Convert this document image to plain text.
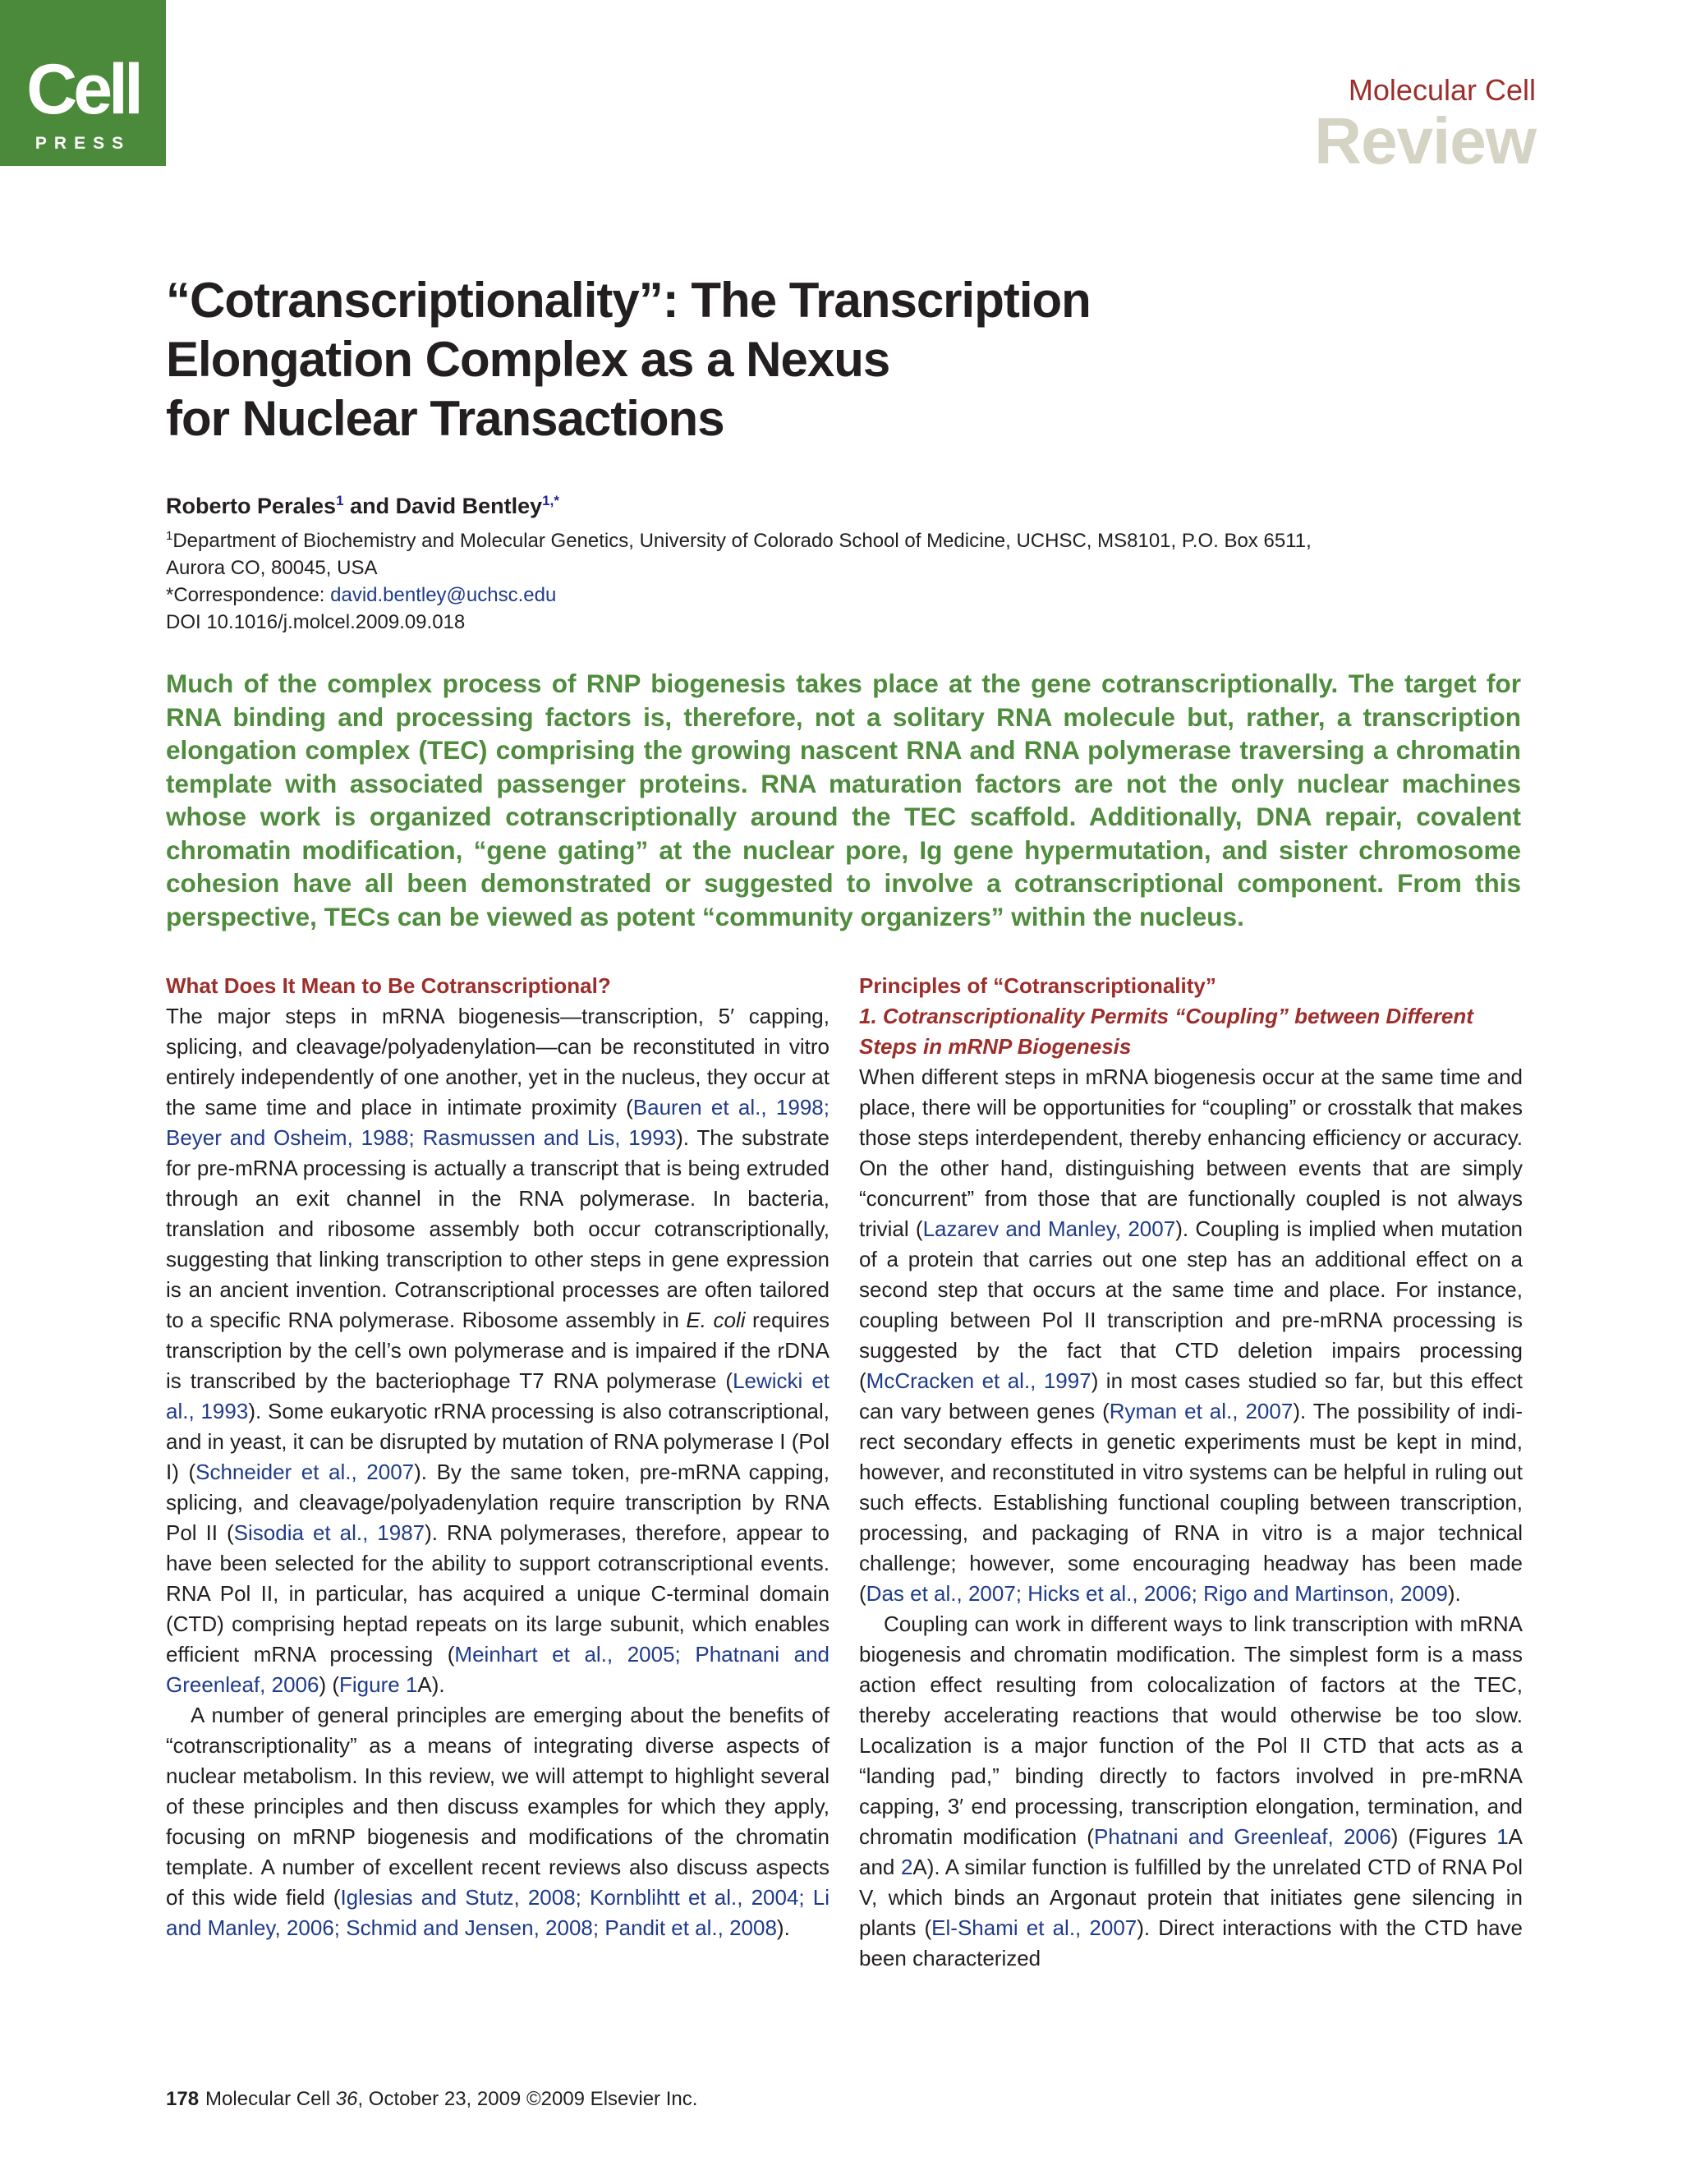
Cell
PRESS
Molecular Cell
Review
“Cotranscriptionality”: The Transcription
Elongation Complex as a Nexus
for Nuclear Transactions
Roberto Perales$^1$ and David Bentley$^{1,*}$
$^1$Department of Biochemistry and Molecular Genetics, University of Colorado School of Medicine, UCHSC, MS8101, P.O. Box 6511,
Aurora CO, 80045, USA
*Correspondence: david.bentley@uchsc.edu
DOI 10.1016/j.molcel.2009.09.018
Much of the complex process of RNP biogenesis takes place at the gene cotranscriptionally. The target for RNA binding and processing factors is, therefore, not a solitary RNA molecule but, rather, a transcription elongation complex (TEC) comprising the growing nascent RNA and RNA polymerase traversing a chromatin template with associated passenger proteins. RNA maturation factors are not the only nuclear machines whose work is organized cotranscriptionally around the TEC scaffold. Additionally, DNA repair, covalent chromatin modification, “gene gating” at the nuclear pore, Ig gene hypermutation, and sister chromosome cohesion have all been demonstrated or suggested to involve a cotranscriptional component. From this perspective, TECs can be viewed as potent “community organizers” within the nucleus.
What Does It Mean to Be Cotranscriptional?

The major steps in mRNA biogenesis—transcription, 5′ capping, splicing, and cleavage/polyadenylation—can be reconstituted in vitro entirely independently of one another, yet in the nucleus, they occur at the same time and place in intimate proximity (Bauren et al., 1998; Beyer and Osheim, 1988; Rasmussen and Lis, 1993). The substrate for pre-mRNA processing is actually a transcript that is being extruded through an exit channel in the RNA polymerase. In bacteria, translation and ribosome assembly both occur cotranscriptionally, suggesting that linking transcription to other steps in gene expression is an ancient invention. Cotranscriptional processes are often tailored to a specific RNA polymerase. Ribosome assembly in E. coli requires transcription by the cell’s own polymerase and is impaired if the rDNA is transcribed by the bacteriophage T7 RNA polymerase (Lewicki et al., 1993). Some eukaryotic rRNA processing is also cotranscriptional, and in yeast, it can be disrupted by mutation of RNA polymerase I (Pol I) (Schneider et al., 2007). By the same token, pre-mRNA capping, splicing, and cleavage/polyadenylation require transcription by RNA Pol II (Sisodia et al., 1987). RNA polymerases, therefore, appear to have been selected for the ability to support cotranscriptional events. RNA Pol II, in particular, has acquired a unique C-terminal domain (CTD) comprising heptad repeats on its large subunit, which enables efficient mRNA processing (Meinhart et al., 2005; Phatnani and Greenleaf, 2006) (Figure 1A).

A number of general principles are emerging about the benefits of “cotranscriptionality” as a means of integrating diverse aspects of nuclear metabolism. In this review, we will attempt to highlight several of these principles and then discuss examples for which they apply, focusing on mRNP biogenesis and modifications of the chromatin template. A number of excellent recent reviews also discuss aspects of this wide field (Iglesias and Stutz, 2008; Kornblihtt et al., 2004; Li and Manley, 2006; Schmid and Jensen, 2008; Pandit et al., 2008).

Principles of “Cotranscriptionality”
1. Cotranscriptionality Permits “Coupling” between Different Steps in mRNP Biogenesis

When different steps in mRNA biogenesis occur at the same time and place, there will be opportunities for “coupling” or crosstalk that makes those steps interdependent, thereby enhancing efficiency or accuracy. On the other hand, distinguishing between events that are simply “concurrent” from those that are functionally coupled is not always trivial (Lazarev and Manley, 2007). Coupling is implied when mutation of a protein that carries out one step has an additional effect on a second step that occurs at the same time and place. For instance, coupling between Pol II transcription and pre-mRNA processing is suggested by the fact that CTD deletion impairs processing (McCracken et al., 1997) in most cases studied so far, but this effect can vary between genes (Ryman et al., 2007). The possibility of indirect secondary effects in genetic experiments must be kept in mind, however, and reconstituted in vitro systems can be helpful in ruling out such effects. Establishing functional coupling between transcription, processing, and packaging of RNA in vitro is a major technical challenge; however, some encouraging headway has been made (Das et al., 2007; Hicks et al., 2006; Rigo and Martinson, 2009).

Coupling can work in different ways to link transcription with mRNA biogenesis and chromatin modification. The simplest form is a mass action effect resulting from colocalization of factors at the TEC, thereby accelerating reactions that would otherwise be too slow. Localization is a major function of the Pol II CTD that acts as a “landing pad,” binding directly to factors involved in pre-mRNA capping, 3′ end processing, transcription elongation, termination, and chromatin modification (Phatnani and Greenleaf, 2006) (Figures 1A and 2A). A similar function is fulfilled by the unrelated CTD of RNA Pol V, which binds an Argonaut protein that initiates gene silencing in plants (El-Shami et al., 2007). Direct interactions with the CTD have been characterized

178 Molecular Cell 36, October 23, 2009 ©2009 Elsevier Inc.
